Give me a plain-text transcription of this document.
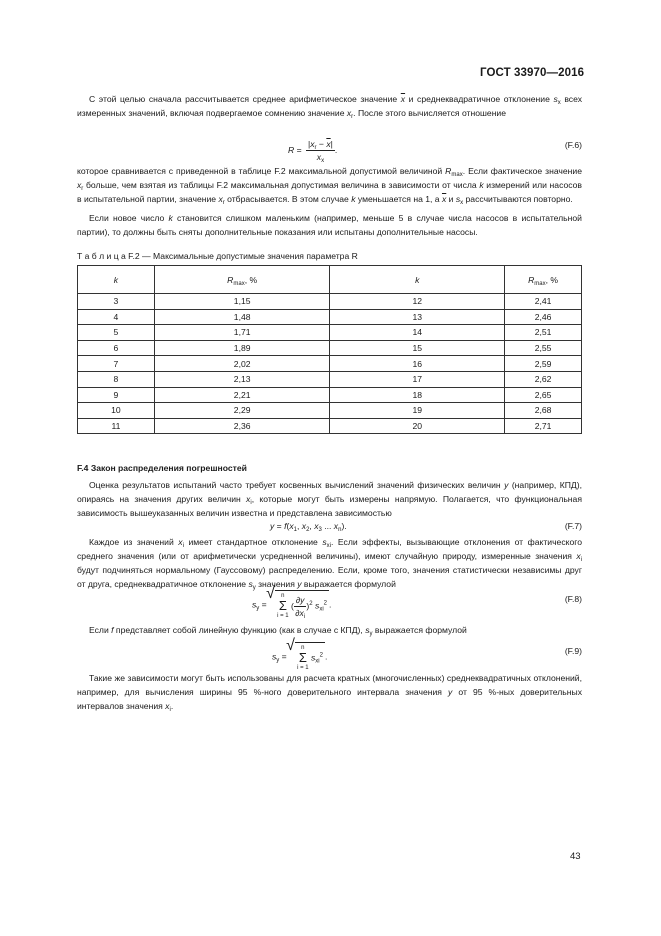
ГОСТ 33970—2016

С этой целью сначала рассчитывается среднее арифметическое значение $\overline{x}$ и среднеквадратичное отклонение $s_x$ всех измеренных значений, включая подвергаемое сомнению значение $x_r$. После этого вычисляется отношение

$R = \frac{|x_r - \overline{x}|}{x_x}$ .	(F.6)

которое сравнивается с приведенной в таблице F.2 максимальной допустимой величиной $R_{max}$. Если фактическое значение $x_r$ больше, чем взятая из таблицы F.2 максимальная допустимая величина в зависимости от числа k измерений или насосов в испытательной партии, значение $x_r$ отбрасывается. В этом случае k уменьшается на 1, а $\overline{x}$ и $s_x$ рассчитываются повторно.

Если новое число k становится слишком маленьким (например, меньше 5 в случае числа насосов в испытательной партии), то должны быть сняты дополнительные показания или испытаны дополнительные насосы.

Т а б л и ц а F.2 — Максимальные допустимые значения параметра R
k	$R_{max}$, %	k	$R_{max}$, %
3	1,15	12	2,41
4	1,48	13	2,46
5	1,71	14	2,51
6	1,89	15	2,55
7	2,02	16	2,59
8	2,13	17	2,62
9	2,21	18	2,65
10	2,29	19	2,68
11	2,36	20	2,71
F.4 Закон распределения погрешностей

Оценка результатов испытаний часто требует косвенных вычислений значений физических величин y (например, КПД), опираясь на значения других величин $x_i$, которые могут быть измерены напрямую. Полагается, что функциональная зависимость вышеуказанных величин известна и представлена зависимостью

$y = f(x_1$, $x_2$, $x_3$ ... $x_n$).	(F.7)

Каждое из значений $x_i$ имеет стандартное отклонение $s_{xi}$. Если эффекты, вызывающие отклонения от фактического среднего значения (или от арифметически усредненной величины), имеют случайную природу, измеренные значения $x_i$ будут подчиняться нормальному (Гауссовому) распределению. Если, кроме того, значения статистически независимы друг от друга, среднеквадратичное отклонение $s_y$ значения y выражается формулой

$s_y$ = √ n
Σ
i = 1 ( $\frac{\partial y}{\partial x_i} )^2$ $s_{xi}^2$ .
(F.8)

Если f представляет собой линейную функцию (как в случае с КПД), $s_y$ выражается формулой

$s_y$ = √ n
Σ
i = 1 $s_{xi}^2$ .
(F.9)

Такие же зависимости могут быть использованы для расчета кратных (многочисленных) среднеквадратичных отклонений, например, для вычисления ширины 95 %-ного доверительного интервала значения y от 95 %-ных доверительных интервалов значения $x_i$.

43
